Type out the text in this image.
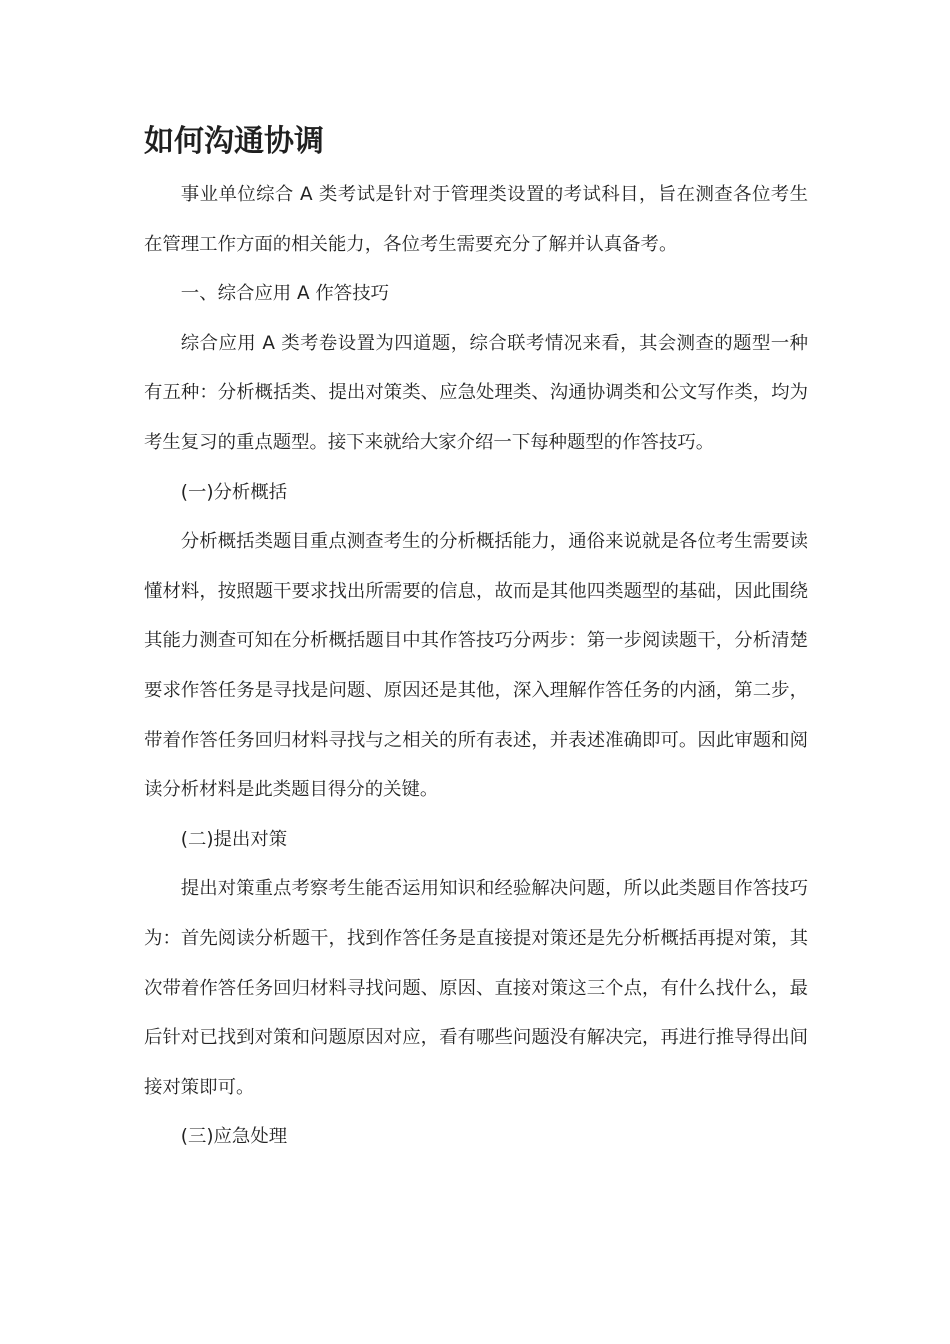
如何沟通协调

事业单位综合 A 类考试是针对于管理类设置的考试科目，旨在测查各位考生在管理工作方面的相关能力，各位考生需要充分了解并认真备考。

一、综合应用 A 作答技巧

综合应用 A 类考卷设置为四道题，综合联考情况来看，其会测查的题型一种有五种：分析概括类、提出对策类、应急处理类、沟通协调类和公文写作类，均为考生复习的重点题型。接下来就给大家介绍一下每种题型的作答技巧。

(一)分析概括

分析概括类题目重点测查考生的分析概括能力，通俗来说就是各位考生需要读懂材料，按照题干要求找出所需要的信息，故而是其他四类题型的基础，因此围绕其能力测查可知在分析概括题目中其作答技巧分两步：第一步阅读题干，分析清楚要求作答任务是寻找是问题、原因还是其他，深入理解作答任务的内涵，第二步，带着作答任务回归材料寻找与之相关的所有表述，并表述准确即可。因此审题和阅读分析材料是此类题目得分的关键。

(二)提出对策

提出对策重点考察考生能否运用知识和经验解决问题，所以此类题目作答技巧为：首先阅读分析题干，找到作答任务是直接提对策还是先分析概括再提对策，其次带着作答任务回归材料寻找问题、原因、直接对策这三个点，有什么找什么，最后针对已找到对策和问题原因对应，看有哪些问题没有解决完，再进行推导得出间接对策即可。

(三)应急处理
